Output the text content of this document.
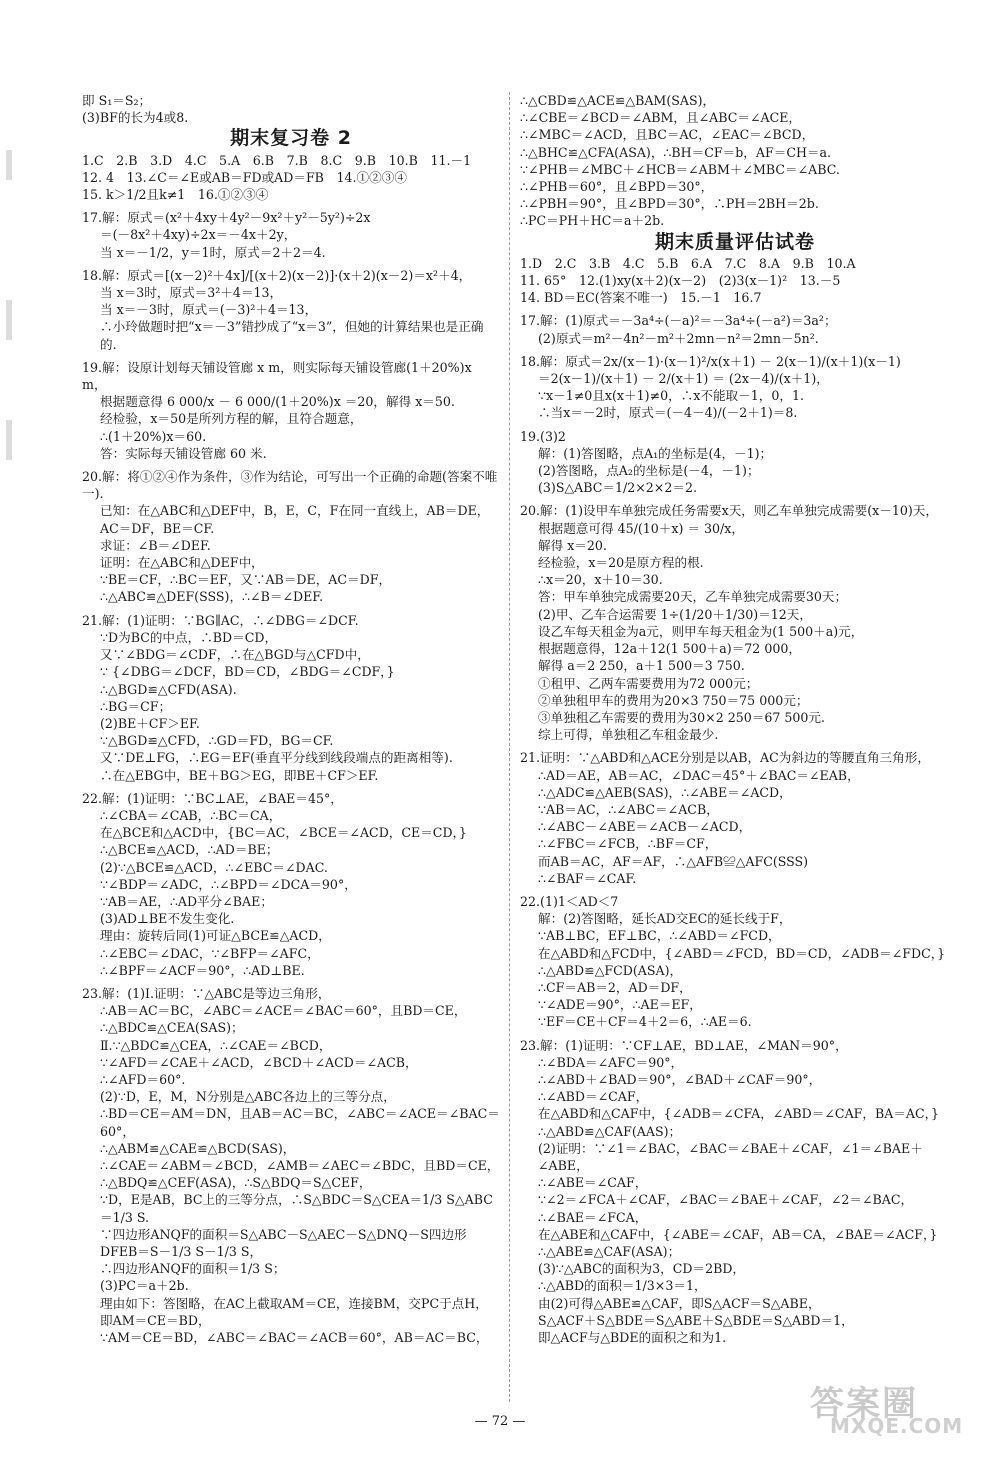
即 S₁＝S₂；

(3)BF的长为4或8.

期末复习卷 2

1.C　2.B　3.D　4.C　5.A　6.B　7.B　8.C　9.B　10.B　11.－1

12. 4　13.∠C＝∠E或AB＝FD或AD＝FB　14.①②③④

15. k＞1/2且k≠1　16.①②③④

17.解：原式＝(x²＋4xy＋4y²－9x²＋y²－5y²)÷2x

＝(－8x²＋4xy)÷2x＝－4x＋2y，

当 x＝－1/2，y＝1时，原式＝2＋2＝4.

18.解：原式＝[(x－2)²＋4x]/[(x＋2)(x－2)]·(x＋2)(x－2)＝x²＋4，

当 x＝3时，原式＝3²＋4＝13，

当 x＝－3时，原式＝(－3)²＋4＝13，

∴小玲做题时把“x＝－3”错抄成了“x＝3”，但她的计算结果也是正确的.

19.解：设原计划每天铺设管廊 x m，则实际每天铺设管廊(1＋20%)x m，

根据题意得 6 000/x － 6 000/(1＋20%)x ＝20，解得 x＝50.

经检验，x＝50是所列方程的解，且符合题意，

∴(1＋20%)x＝60.

答：实际每天铺设管廊 60 米.

20.解：将①②④作为条件，③作为结论，可写出一个正确的命题(答案不唯一).

已知：在△ABC和△DEF中，B，E，C，F在同一直线上，AB＝DE，AC＝DF，BE＝CF.

求证：∠B＝∠DEF.

证明：在△ABC和△DEF中，

∵BE＝CF，∴BC＝EF，又∵AB＝DE，AC＝DF，

∴△ABC≌△DEF(SSS)，∴∠B＝∠DEF.

21.解：(1)证明：∵BG∥AC，∴∠DBG＝∠DCF.

∵D为BC的中点，∴BD＝CD，

又∵∠BDG＝∠CDF，∴在△BGD与△CFD中，

∵ {∠DBG＝∠DCF，BD＝CD，∠BDG＝∠CDF，} ∴△BGD≌△CFD(ASA).

∴BG＝CF；

(2)BE＋CF＞EF.

∵△BGD≌△CFD，∴GD＝FD，BG＝CF.

又∵DE⊥FG，∴EG＝EF(垂直平分线到线段端点的距离相等).

∴在△EBG中，BE＋BG＞EG，即BE＋CF＞EF.

22.解：(1)证明：∵BC⊥AE，∠BAE＝45°，

∴∠CBA＝∠CAB，∴BC＝CA，

在△BCE和△ACD中，{BC＝AC，∠BCE＝∠ACD，CE＝CD，}

∴△BCE≌△ACD，∴AD＝BE；

(2)∵△BCE≌△ACD，∴∠EBC＝∠DAC.

∵∠BDP＝∠ADC，∴∠BPD＝∠DCA＝90°，

∵AB＝AE，∴AD平分∠BAE；

(3)AD⊥BE不发生变化.

理由：旋转后同(1)可证△BCE≌△ACD，

∴∠EBC＝∠DAC，∵∠BFP＝∠AFC，

∴∠BPF＝∠ACF＝90°，∴AD⊥BE.

23.解：(1)Ⅰ.证明：∵△ABC是等边三角形，

∴AB＝AC＝BC，∠ABC＝∠ACE＝∠BAC＝60°，且BD＝CE，

∴△BDC≌△CEA(SAS)；

Ⅱ.∵△BDC≌△CEA，∴∠CAE＝∠BCD，

∵∠AFD＝∠CAE＋∠ACD，∠BCD＋∠ACD＝∠ACB，

∴∠AFD＝60°.

(2)∵D，E，M，N分别是△ABC各边上的三等分点，

∴BD＝CE＝AM＝DN，且AB＝AC＝BC，∠ABC＝∠ACE＝∠BAC＝60°，

∴△ABM≌△CAE≌△BCD(SAS)，

∴∠CAE＝∠ABM＝∠BCD，∠AMB＝∠AEC＝∠BDC，且BD＝CE，

∴△BDQ≌△CEF(ASA)，∴S△BDQ＝S△CEF，

∵D，E是AB，BC上的三等分点，∴S△BDC＝S△CEA＝1/3 S△ABC＝1/3 S.

∵四边形ANQF的面积＝S△ABC－S△AEC－S△DNQ－S四边形DFEB＝S－1/3 S－1/3 S，

∴四边形ANQF的面积＝1/3 S；

(3)PC＝a＋2b.

理由如下：答图略，在AC上截取AM＝CE，连接BM，交PC于点H，即AM＝CE＝BD，

∵AM＝CE＝BD，∠ABC＝∠BAC＝∠ACB＝60°，AB＝AC＝BC，

∴△CBD≌△ACE≌△BAM(SAS)，

∴∠CBE＝∠BCD＝∠ABM，且∠ABC＝∠ACE，

∴∠MBC＝∠ACD，且BC＝AC，∠EAC＝∠BCD，

∴△BHC≌△CFA(ASA)，∴BH＝CF＝b，AF＝CH＝a.

∵∠PHB＝∠MBC＋∠HCB＝∠ABM＋∠MBC＝∠ABC.

∴∠PHB＝60°，且∠BPD＝30°，

∴∠PBH＝90°，且∠BPD＝30°，∴PH＝2BH＝2b.

∴PC＝PH＋HC＝a＋2b.

期末质量评估试卷

1.D　2.C　3.B　4.C　5.B　6.A　7.C　8.A　9.B　10.A

11. 65°　12.(1)xy(x＋2)(x－2)　(2)3(x－1)²　13.－5

14. BD＝EC(答案不唯一)　15.－1　16.7

17.解：(1)原式＝－3a⁴÷(－a)²＝－3a⁴÷(－a²)＝3a²；

(2)原式＝m²－4n²－m²＋2mn－n²＝2mn－5n².

18.解：原式＝2x/(x－1)·(x－1)²/x(x＋1) － 2(x－1)/(x＋1)(x－1)

＝2(x－1)/(x＋1) － 2/(x＋1) ＝ (2x－4)/(x＋1)，

∵x－1≠0且x(x＋1)≠0，∴x不能取－1，0，1.

∴当x＝－2时，原式＝(－4－4)/(－2＋1)＝8.

19.(3)2

解：(1)答图略，点A₁的坐标是(4，－1)；

(2)答图略，点A₂的坐标是(－4，－1)；

(3)S△ABC＝1/2×2×2＝2.

20.解：(1)设甲车单独完成任务需要x天，则乙车单独完成需要(x－10)天，

根据题意可得 45/(10＋x) ＝ 30/x，

解得 x＝20.

经检验，x＝20是原方程的根.

∴x＝20，x＋10＝30.

答：甲车单独完成需要20天，乙车单独完成需要30天；

(2)甲、乙车合运需要 1÷(1/20＋1/30)＝12天，

设乙车每天租金为a元，则甲车每天租金为(1 500＋a)元，

根据题意得，12a＋12(1 500＋a)＝72 000，

解得 a＝2 250，a＋1 500＝3 750.

①租甲、乙两车需要费用为72 000元；

②单独租甲车的费用为20×3 750＝75 000元；

③单独租乙车需要的费用为30×2 250＝67 500元.

综上可得，单独租乙车租金最少.

21.证明：∵△ABD和△ACE分别是以AB，AC为斜边的等腰直角三角形，

∴AD＝AE，AB＝AC，∠DAC＝45°＋∠BAC＝∠EAB，

∴△ADC≌△AEB(SAS)，∴∠ABE＝∠ACD，

∵AB＝AC，∴∠ABC＝∠ACB，

∴∠ABC－∠ABE＝∠ACB－∠ACD，

∴∠FBC＝∠FCB，∴BF＝CF，

而AB＝AC，AF＝AF，∴△AFB≌△AFC(SSS)

∴∠BAF＝∠CAF.

22.(1)1＜AD＜7

解：(2)答图略，延长AD交EC的延长线于F，

∵AB⊥BC，EF⊥BC，∴∠ABD＝∠FCD，

在△ABD和△FCD中，{∠ABD＝∠FCD，BD＝CD，∠ADB＝∠FDC，}

∴△ABD≌△FCD(ASA)，

∴CF＝AB＝2，AD＝DF，

∵∠ADE＝90°，∴AE＝EF，

∵EF＝CE＋CF＝4＋2＝6，∴AE＝6.

23.解：(1)证明：∵CF⊥AE，BD⊥AE，∠MAN＝90°，

∴∠BDA＝∠AFC＝90°，

∴∠ABD＋∠BAD＝90°，∠BAD＋∠CAF＝90°，

∴∠ABD＝∠CAF，

在△ABD和△CAF中，{∠ADB＝∠CFA，∠ABD＝∠CAF，BA＝AC，}

∴△ABD≌△CAF(AAS)；

(2)证明：∵∠1＝∠BAC，∠BAC＝∠BAE＋∠CAF，∠1＝∠BAE＋∠ABE，

∴∠ABE＝∠CAF，

∵∠2＝∠FCA＋∠CAF，∠BAC＝∠BAE＋∠CAF，∠2＝∠BAC，∴∠BAE＝∠FCA，

在△ABE和△CAF中，{∠ABE＝∠CAF，AB＝CA，∠BAE＝∠ACF，}

∴△ABE≌△CAF(ASA)；

(3)∵△ABC的面积为3，CD＝2BD，

∴△ABD的面积＝1/3×3＝1，

由(2)可得△ABE≌△CAF，即S△ACF＝S△ABE，

S△ACF＋S△BDE＝S△ABE＋S△BDE＝S△ABD＝1，

即△ACF与△BDE的面积之和为1.

— 72 —	答案圈
MXQE.COM
